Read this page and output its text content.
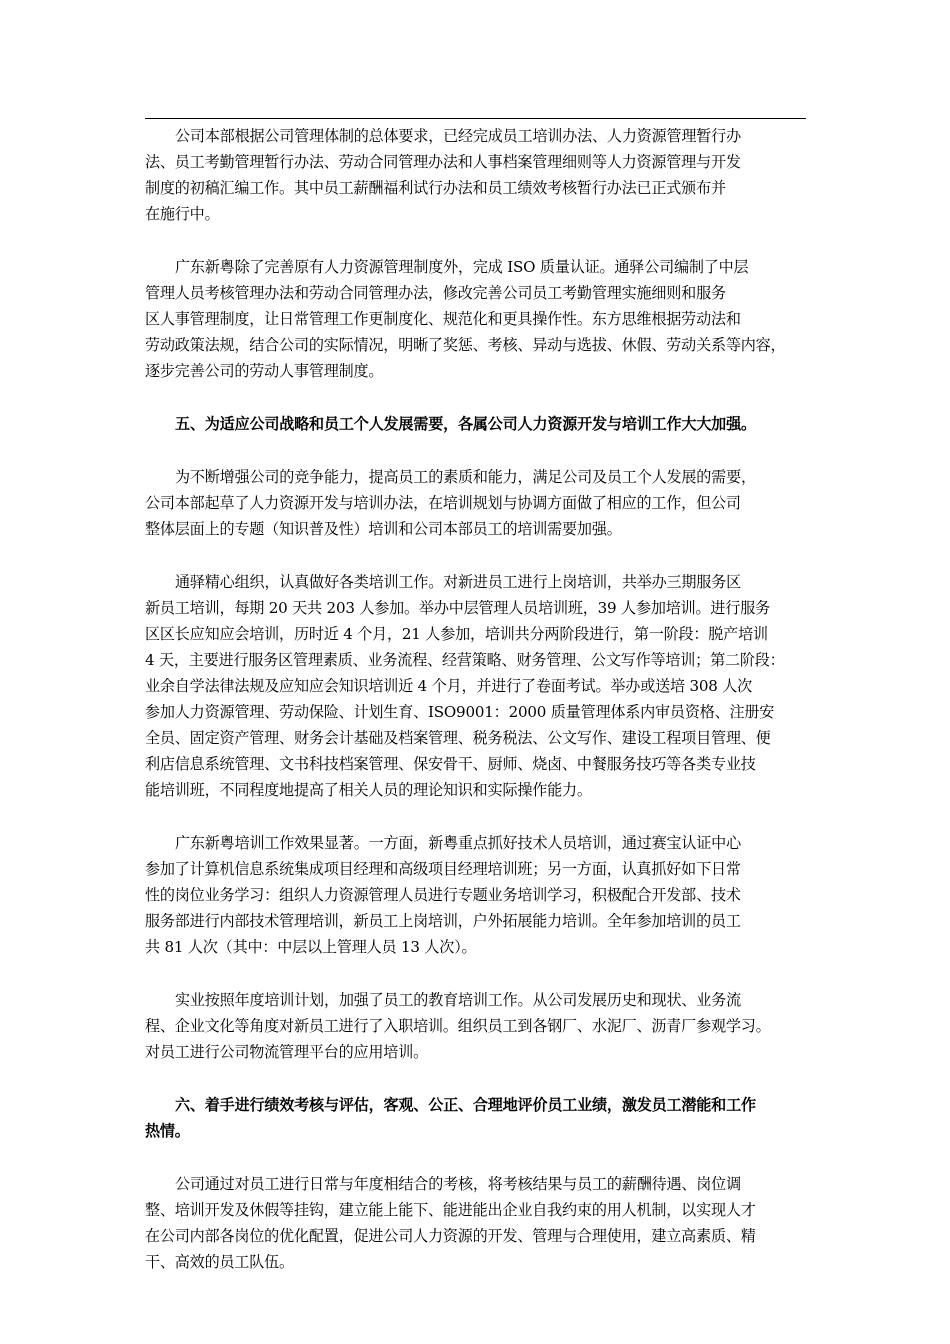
公司本部根据公司管理体制的总体要求，已经完成员工培训办法、人力资源管理暂行办
法、员工考勤管理暂行办法、劳动合同管理办法和人事档案管理细则等人力资源管理与开发
制度的初稿汇编工作。其中员工薪酬福利试行办法和员工绩效考核暂行办法已正式颁布并
在施行中。
广东新粤除了完善原有人力资源管理制度外，完成 ISO 质量认证。通驿公司编制了中层
管理人员考核管理办法和劳动合同管理办法，修改完善公司员工考勤管理实施细则和服务
区人事管理制度，让日常管理工作更制度化、规范化和更具操作性。东方思维根据劳动法和
劳动政策法规，结合公司的实际情况，明晰了奖惩、考核、异动与选拔、休假、劳动关系等内容，
逐步完善公司的劳动人事管理制度。
五、为适应公司战略和员工个人发展需要，各属公司人力资源开发与培训工作大大加强。
为不断增强公司的竞争能力，提高员工的素质和能力，满足公司及员工个人发展的需要，
公司本部起草了人力资源开发与培训办法，在培训规划与协调方面做了相应的工作，但公司
整体层面上的专题（知识普及性）培训和公司本部员工的培训需要加强。
通驿精心组织，认真做好各类培训工作。对新进员工进行上岗培训，共举办三期服务区
新员工培训，每期 20 天共 203 人参加。举办中层管理人员培训班，39 人参加培训。进行服务
区区长应知应会培训，历时近 4 个月，21 人参加，培训共分两阶段进行，第一阶段：脱产培训
4 天，主要进行服务区管理素质、业务流程、经营策略、财务管理、公文写作等培训；第二阶段：
业余自学法律法规及应知应会知识培训近 4 个月，并进行了卷面考试。举办或送培 308 人次
参加人力资源管理、劳动保险、计划生育、ISO9001：2000 质量管理体系内审员资格、注册安
全员、固定资产管理、财务会计基础及档案管理、税务税法、公文写作、建设工程项目管理、便
利店信息系统管理、文书科技档案管理、保安骨干、厨师、烧卤、中餐服务技巧等各类专业技
能培训班，不同程度地提高了相关人员的理论知识和实际操作能力。
广东新粤培训工作效果显著。一方面，新粤重点抓好技术人员培训，通过赛宝认证中心
参加了计算机信息系统集成项目经理和高级项目经理培训班；另一方面，认真抓好如下日常
性的岗位业务学习：组织人力资源管理人员进行专题业务培训学习，积极配合开发部、技术
服务部进行内部技术管理培训，新员工上岗培训，户外拓展能力培训。全年参加培训的员工
共 81 人次（其中：中层以上管理人员 13 人次）。
实业按照年度培训计划，加强了员工的教育培训工作。从公司发展历史和现状、业务流
程、企业文化等角度对新员工进行了入职培训。组织员工到各钢厂、水泥厂、沥青厂参观学习。
对员工进行公司物流管理平台的应用培训。
六、着手进行绩效考核与评估，客观、公正、合理地评价员工业绩，激发员工潜能和工作
热情。
公司通过对员工进行日常与年度相结合的考核，将考核结果与员工的薪酬待遇、岗位调
整、培训开发及休假等挂钩，建立能上能下、能进能出企业自我约束的用人机制，以实现人才
在公司内部各岗位的优化配置，促进公司人力资源的开发、管理与合理使用，建立高素质、精
干、高效的员工队伍。
